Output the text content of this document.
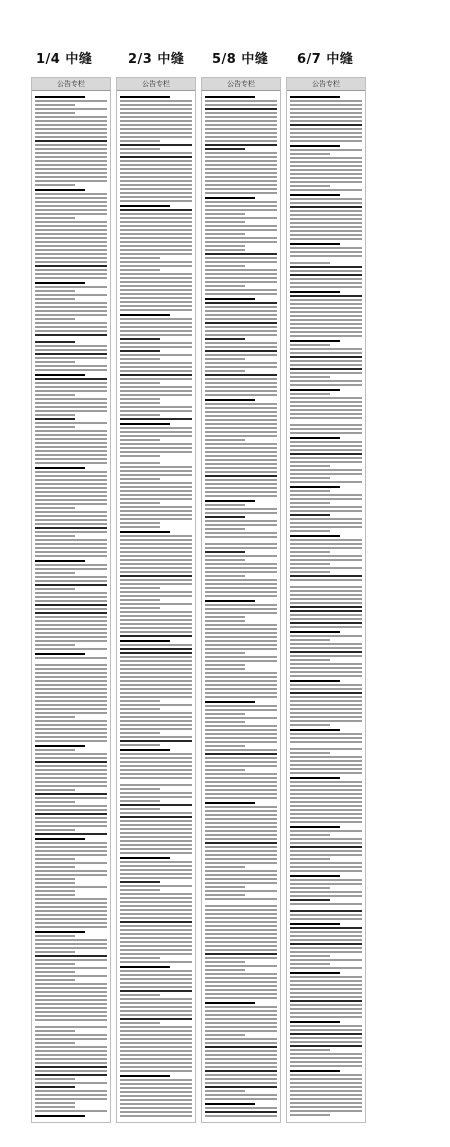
1/4 中缝	2/3 中缝 5/8 中缝 6/7 中缝
公告专栏	公告专栏	公告专栏	公告专栏
